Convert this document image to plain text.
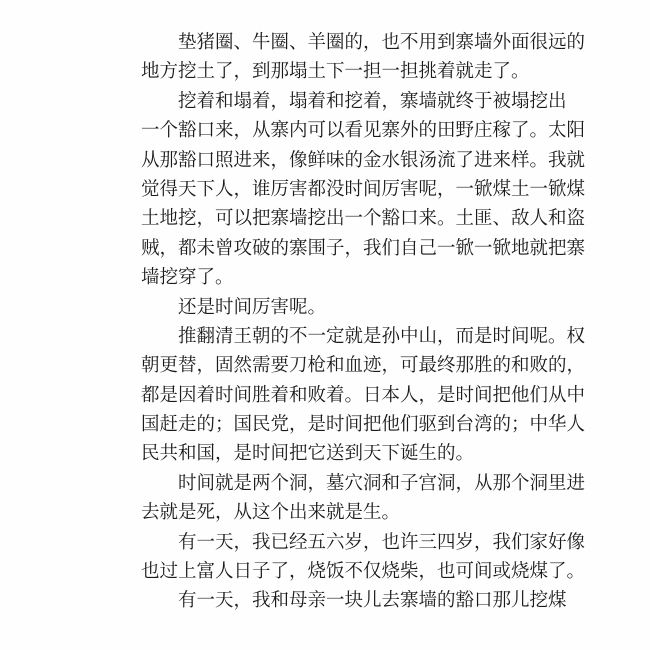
垫猪圈、牛圈、羊圈的，也不用到寨墙外面很远的
地方挖土了，到那塌土下一担一担挑着就走了。
挖着和塌着，塌着和挖着，寨墙就终于被塌挖出
一个豁口来，从寨内可以看见寨外的田野庄稼了。太阳
从那豁口照进来，像鲜味的金水银汤流了进来样。我就
觉得天下人，谁厉害都没时间厉害呢，一锨煤土一锨煤
土地挖，可以把寨墙挖出一个豁口来。土匪、敌人和盗
贼，都未曾攻破的寨围子，我们自己一锨一锨地就把寨
墙挖穿了。
还是时间厉害呢。
推翻清王朝的不一定就是孙中山，而是时间呢。权
朝更替，固然需要刀枪和血迹，可最终那胜的和败的，
都是因着时间胜着和败着。日本人，是时间把他们从中
国赶走的；国民党，是时间把他们驱到台湾的；中华人
民共和国，是时间把它送到天下诞生的。
时间就是两个洞，墓穴洞和子宫洞，从那个洞里进
去就是死，从这个出来就是生。
有一天，我已经五六岁，也许三四岁，我们家好像
也过上富人日子了，烧饭不仅烧柴，也可间或烧煤了。
有一天，我和母亲一块儿去寨墙的豁口那儿挖煤
